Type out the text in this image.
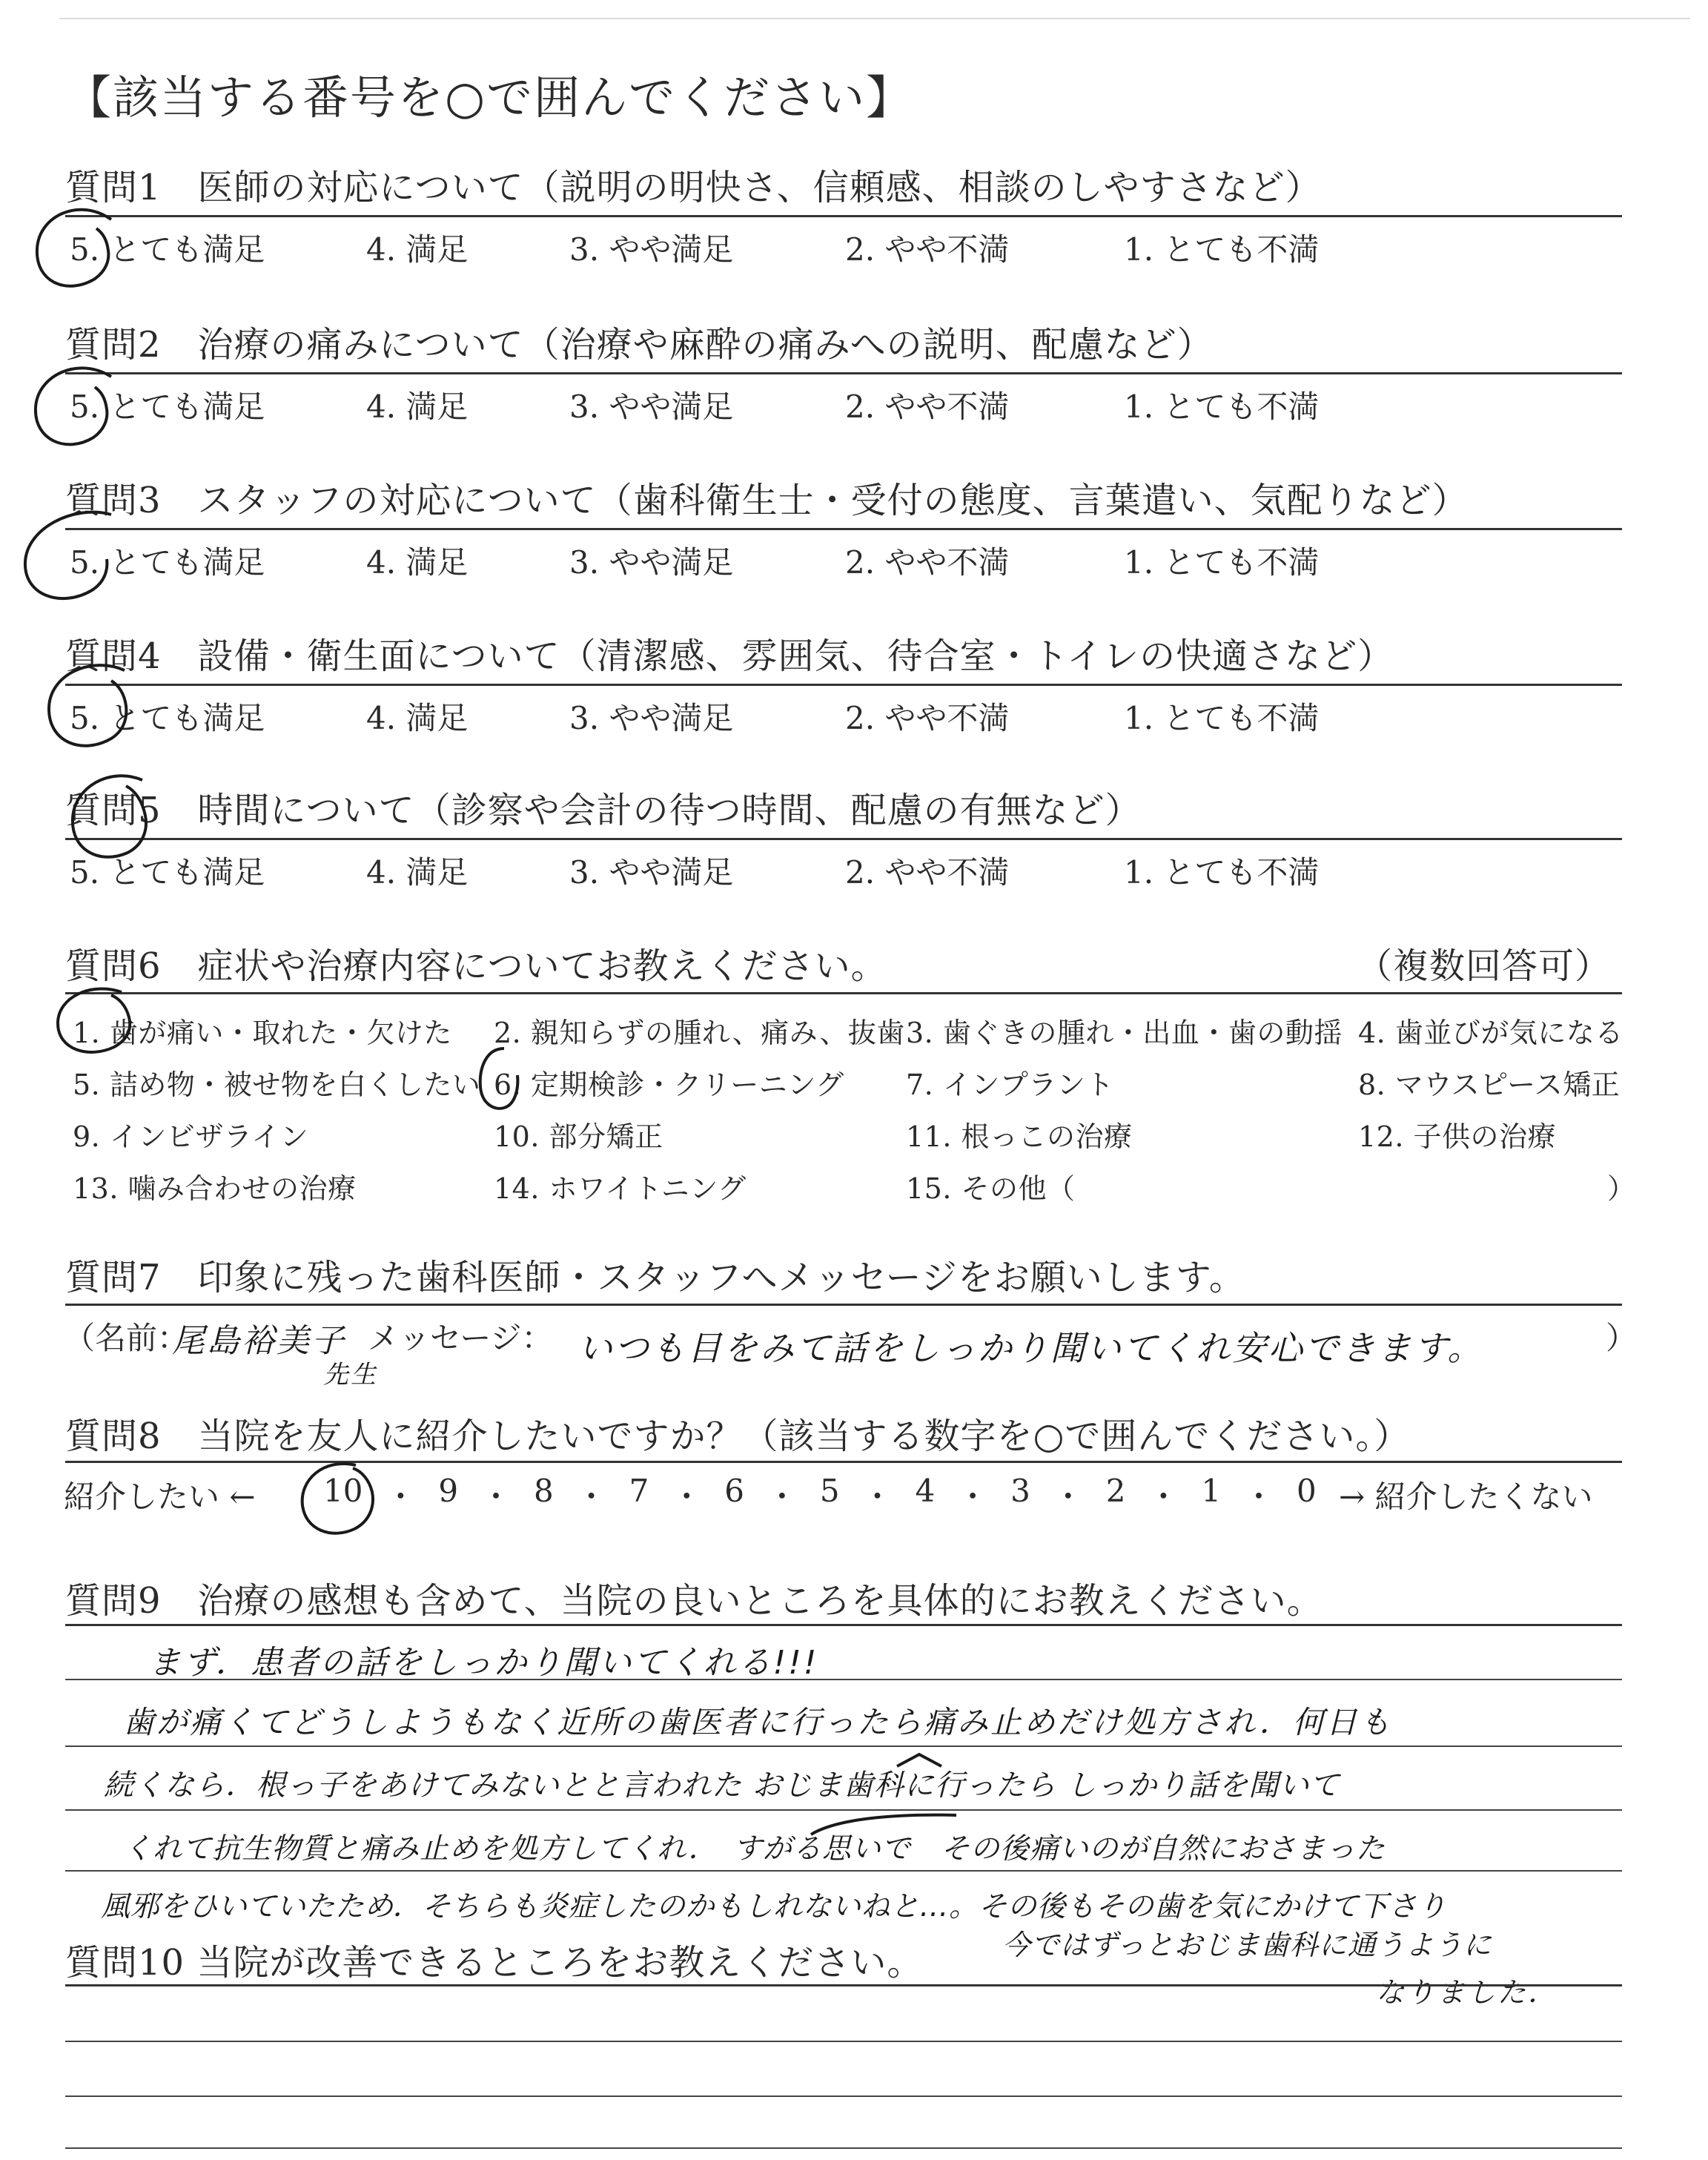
【該当する番号を○で囲んでください】
質問1　医師の対応について（説明の明快さ、信頼感、相談のしやすさなど）
5. とても満足	4. 満足	3. やや満足	2. やや不満	1. とても不満
質問2　治療の痛みについて（治療や麻酔の痛みへの説明、配慮など）
5. とても満足	4. 満足	3. やや満足	2. やや不満	1. とても不満
質問3　スタッフの対応について（歯科衛生士・受付の態度、言葉遣い、気配りなど）
5. とても満足	4. 満足	3. やや満足	2. やや不満	1. とても不満
質問4　設備・衛生面について（清潔感、雰囲気、待合室・トイレの快適さなど）
5. とても満足	4. 満足	3. やや満足	2. やや不満	1. とても不満
質問5　時間について（診察や会計の待つ時間、配慮の有無など）
5. とても満足	4. 満足	3. やや満足	2. やや不満	1. とても不満
質問6　症状や治療内容についてお教えください。	（複数回答可）
1. 歯が痛い・取れた・欠けた 2. 親知らずの腫れ、痛み、抜歯 3. 歯ぐきの腫れ・出血・歯の動揺 4. 歯並びが気になる
5. 詰め物・被せ物を白くしたい 6. 定期検診・クリーニング 7. インプラント	8. マウスピース矯正
9. インビザライン	10. 部分矯正	11. 根っこの治療	12. 子供の治療
13. 噛み合わせの治療	14. ホワイトニング	15. その他（	）
質問7　印象に残った歯科医師・スタッフへメッセージをお願いします。
（名前：
尾島裕美子
先生
メッセージ： いつも目をみて話をしっかり聞いてくれ安心できます。	）
質問8　当院を友人に紹介したいですか？（該当する数字を○で囲んでください。）
紹介したい ← 10 ・ 9 ・ 8 ・ 7 ・ 6 ・ 5 ・ 4 ・ 3 ・ 2 ・ 1 ・ 0 → 紹介したくない
質問9　治療の感想も含めて、当院の良いところを具体的にお教えください。
まず．患者の話をしっかり聞いてくれる!!!
歯が痛くてどうしようもなく近所の歯医者に行ったら痛み止めだけ処方され．何日も
続くなら．根っ子をあけてみないとと言われた おじま歯科に行ったら しっかり話を聞いて
くれて抗生物質と痛み止めを処方してくれ．　すがる思いで　その後痛いのが自然におさまった
風邪をひいていたため．そちらも炎症したのかもしれないねと…。その後もその歯を気にかけて下さり
質問10 当院が改善できるところをお教えください。	今ではずっとおじま歯科に通うように
なりました．
